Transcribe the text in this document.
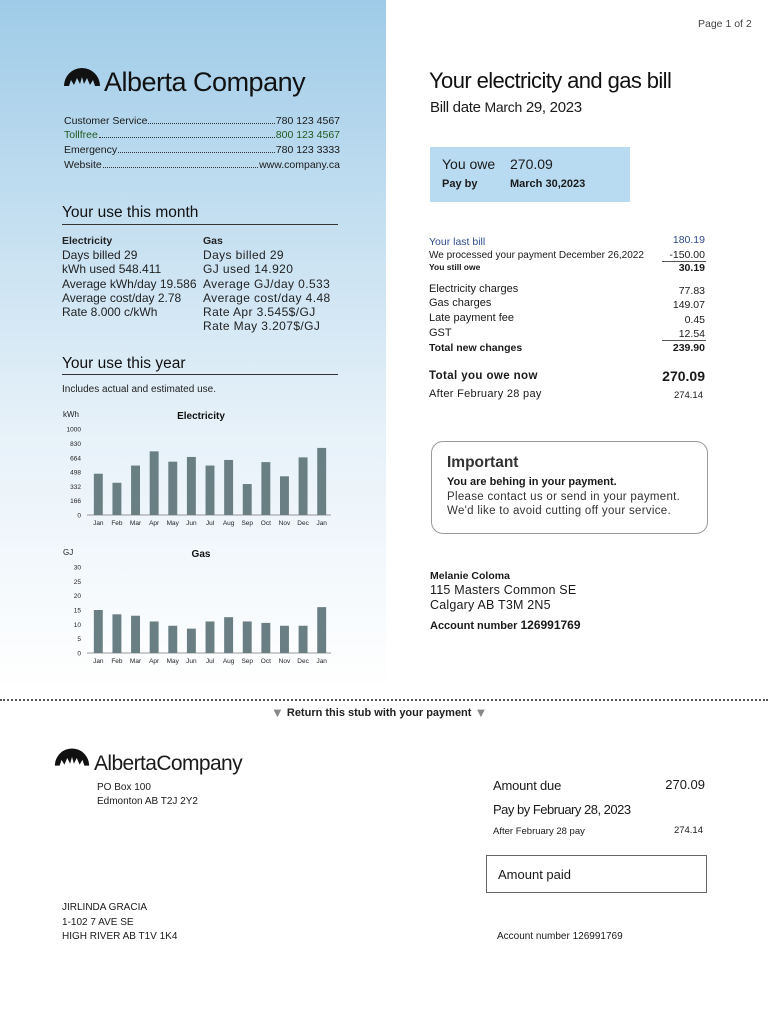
Page 1 of 2
Alberta Company
Customer Service	780 123 4567
Tollfree	800 123 4567
Emergency	780 123 3333
Website	www.company.ca
Your use this month
Electricity
Days billed 29
kWh used 548.411
Average kWh/day 19.586
Average cost/day 2.78
Rate 8.000 c/kWh
Gas
Days billed 29
GJ used 14.920
Average GJ/day 0.533
Average cost/day 4.48
Rate Apr 3.545$/GJ
Rate May 3.207$/GJ
Your use this year
Includes actual and estimated use.
kWh	Electricity
0
166
332
498
664
830
1000
Jan Feb Mar Apr May Jun Jul Aug Sep Oct Nov Dec Jan
GJ	Gas
0
5
10
15
20
25
30
Jan Feb Mar Apr May Jun Jul Aug Sep Oct Nov Dec Jan
Your electricity and gas bill
Bill date March 29, 2023
You owe 270.09
Pay by	March 30,2023
Your last bill	180.19
We processed your payment December 26,2022	-150.00
You still owe	30.19
Electricity charges	77.83
Gas charges	149.07
Late payment fee	0.45
GST	12.54
Total new changes	239.90
Total you owe now	270.09
After February 28 pay	274.14
Important
You are behing in your payment.
Please contact us or send in your payment.
We'd like to avoid cutting off your service.
Melanie Coloma
115 Masters Common SE
Calgary AB T3M 2N5
Account number 126991769
▼ Return this stub with your payment ▼
AlbertaCompany
PO Box 100
Edmonton AB T2J 2Y2
Amount due	270.09
Pay by February 28, 2023
After February 28 pay	274.14
Amount paid
JIRLINDA GRACIA
1-102 7 AVE SE
HIGH RIVER AB T1V 1K4	Account number 126991769
